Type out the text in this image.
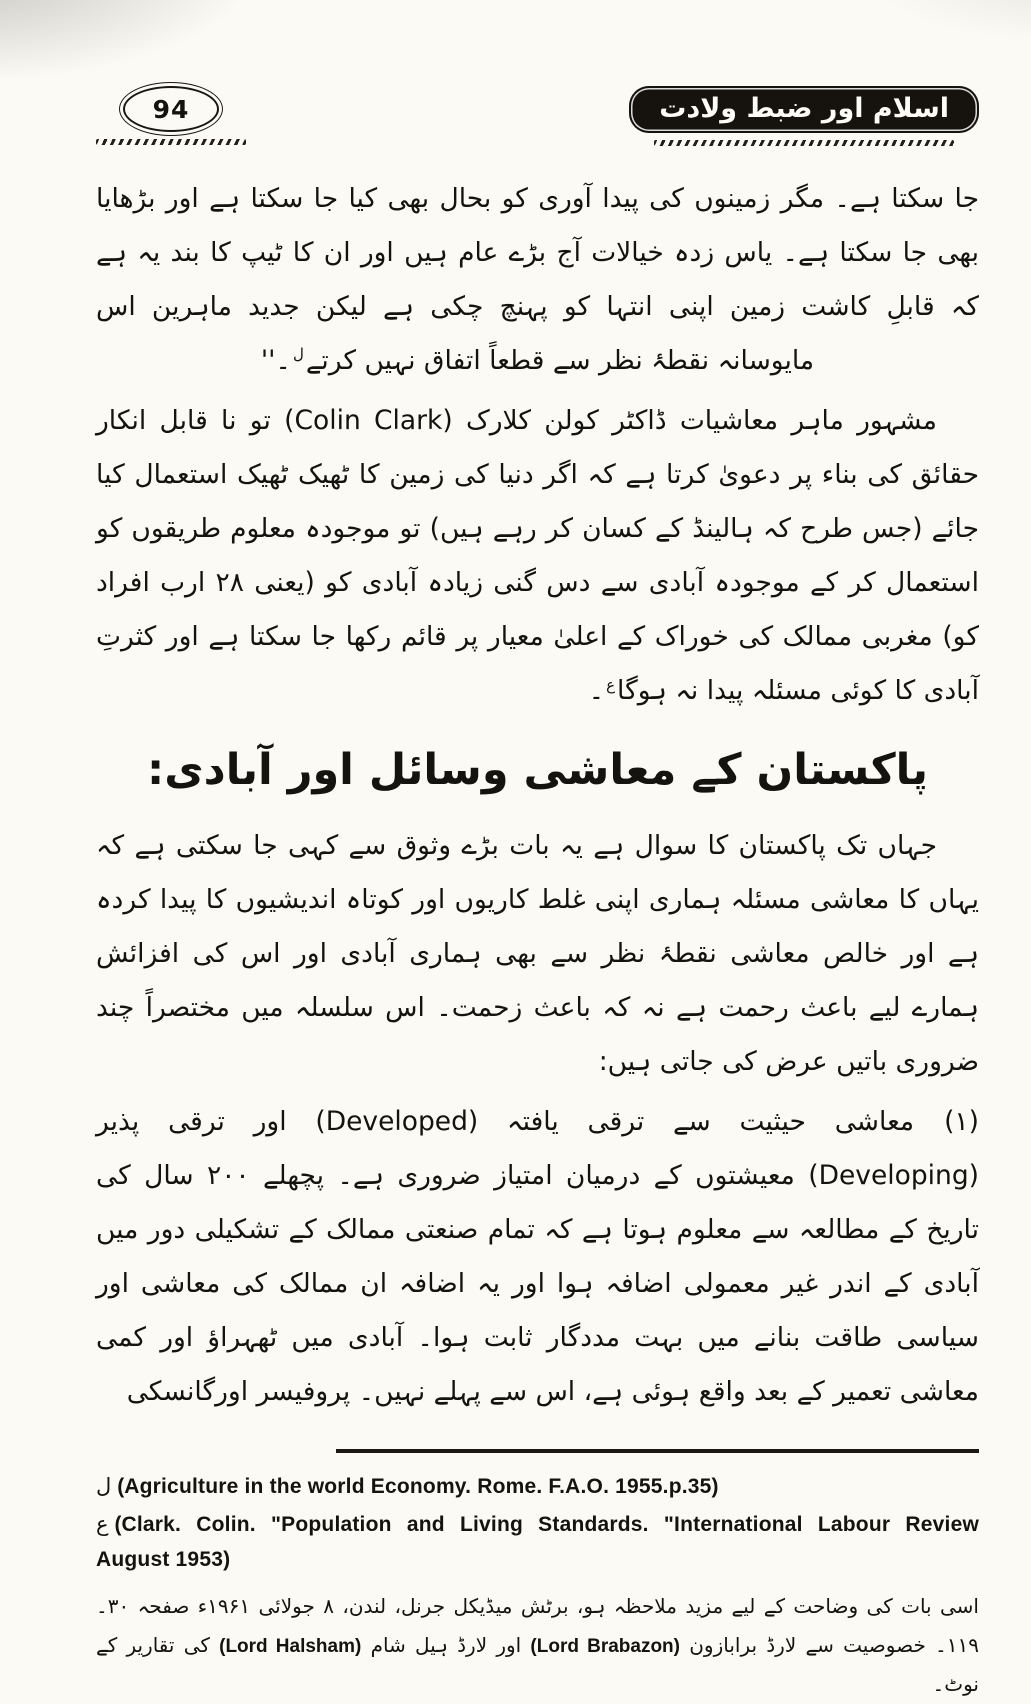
94	اسلام اور ضبط ولادت

جا سکتا ہے۔ مگر زمینوں کی پیدا آوری کو بحال بھی کیا جا سکتا ہے اور بڑھایا بھی جا سکتا ہے۔ یاس زدہ خیالات آج بڑے عام ہیں اور ان کا ٹیپ کا بند یہ ہے کہ قابلِ کاشت زمین اپنی انتہا کو پہنچ چکی ہے لیکن جدید ماہرین اس مایوسانہ نقطۂ نظر سے قطعاً اتفاق نہیں کرتے$^ل$۔''

مشہور ماہر معاشیات ڈاکٹر کولن کلارک (Colin Clark) تو نا قابل انکار حقائق کی بناء پر دعویٰ کرتا ہے کہ اگر دنیا کی زمین کا ٹھیک ٹھیک استعمال کیا جائے (جس طرح کہ ہالینڈ کے کسان کر رہے ہیں) تو موجودہ معلوم طریقوں کو استعمال کر کے موجودہ آبادی سے دس گنی زیادہ آبادی کو (یعنی ۲۸ ارب افراد کو) مغربی ممالک کی خوراک کے اعلیٰ معیار پر قائم رکھا جا سکتا ہے اور کثرتِ آبادی کا کوئی مسئلہ پیدا نہ ہوگا$^ع$۔

پاکستان کے معاشی وسائل اور آبادی:

جہاں تک پاکستان کا سوال ہے یہ بات بڑے وثوق سے کہی جا سکتی ہے کہ یہاں کا معاشی مسئلہ ہماری اپنی غلط کاریوں اور کوتاہ اندیشیوں کا پیدا کردہ ہے اور خالص معاشی نقطۂ نظر سے بھی ہماری آبادی اور اس کی افزائش ہمارے لیے باعث رحمت ہے نہ کہ باعث زحمت۔ اس سلسلہ میں مختصراً چند ضروری باتیں عرض کی جاتی ہیں:

(۱)معاشی حیثیت سے ترقی یافتہ (Developed) اور ترقی پذیر (Developing) معیشتوں کے درمیان امتیاز ضروری ہے۔ پچھلے ۲۰۰ سال کی تاریخ کے مطالعہ سے معلوم ہوتا ہے کہ تمام صنعتی ممالک کے تشکیلی دور میں آبادی کے اندر غیر معمولی اضافہ ہوا اور یہ اضافہ ان ممالک کی معاشی اور سیاسی طاقت بنانے میں بہت مددگار ثابت ہوا۔ آبادی میں ٹھہراؤ اور کمی معاشی تعمیر کے بعد واقع ہوئی ہے، اس سے پہلے نہیں۔ پروفیسر اورگانسکی

ل (Agriculture in the world Economy. Rome. F.A.O. 1955.p.35)

ع (Clark. Colin. "Population and Living Standards. "International Labour Review August 1953)

اسی بات کی وضاحت کے لیے مزید ملاحظہ ہو، برٹش میڈیکل جرنل، لندن، ۸ جولائی ۱۹۶۱ء صفحہ ۳۰۔۱۱۹۔ خصوصیت سے لارڈ برابازون (Lord Brabazon) اور لارڈ ہیل شام (Lord Halsham) کی تقاریر کے نوٹ۔
